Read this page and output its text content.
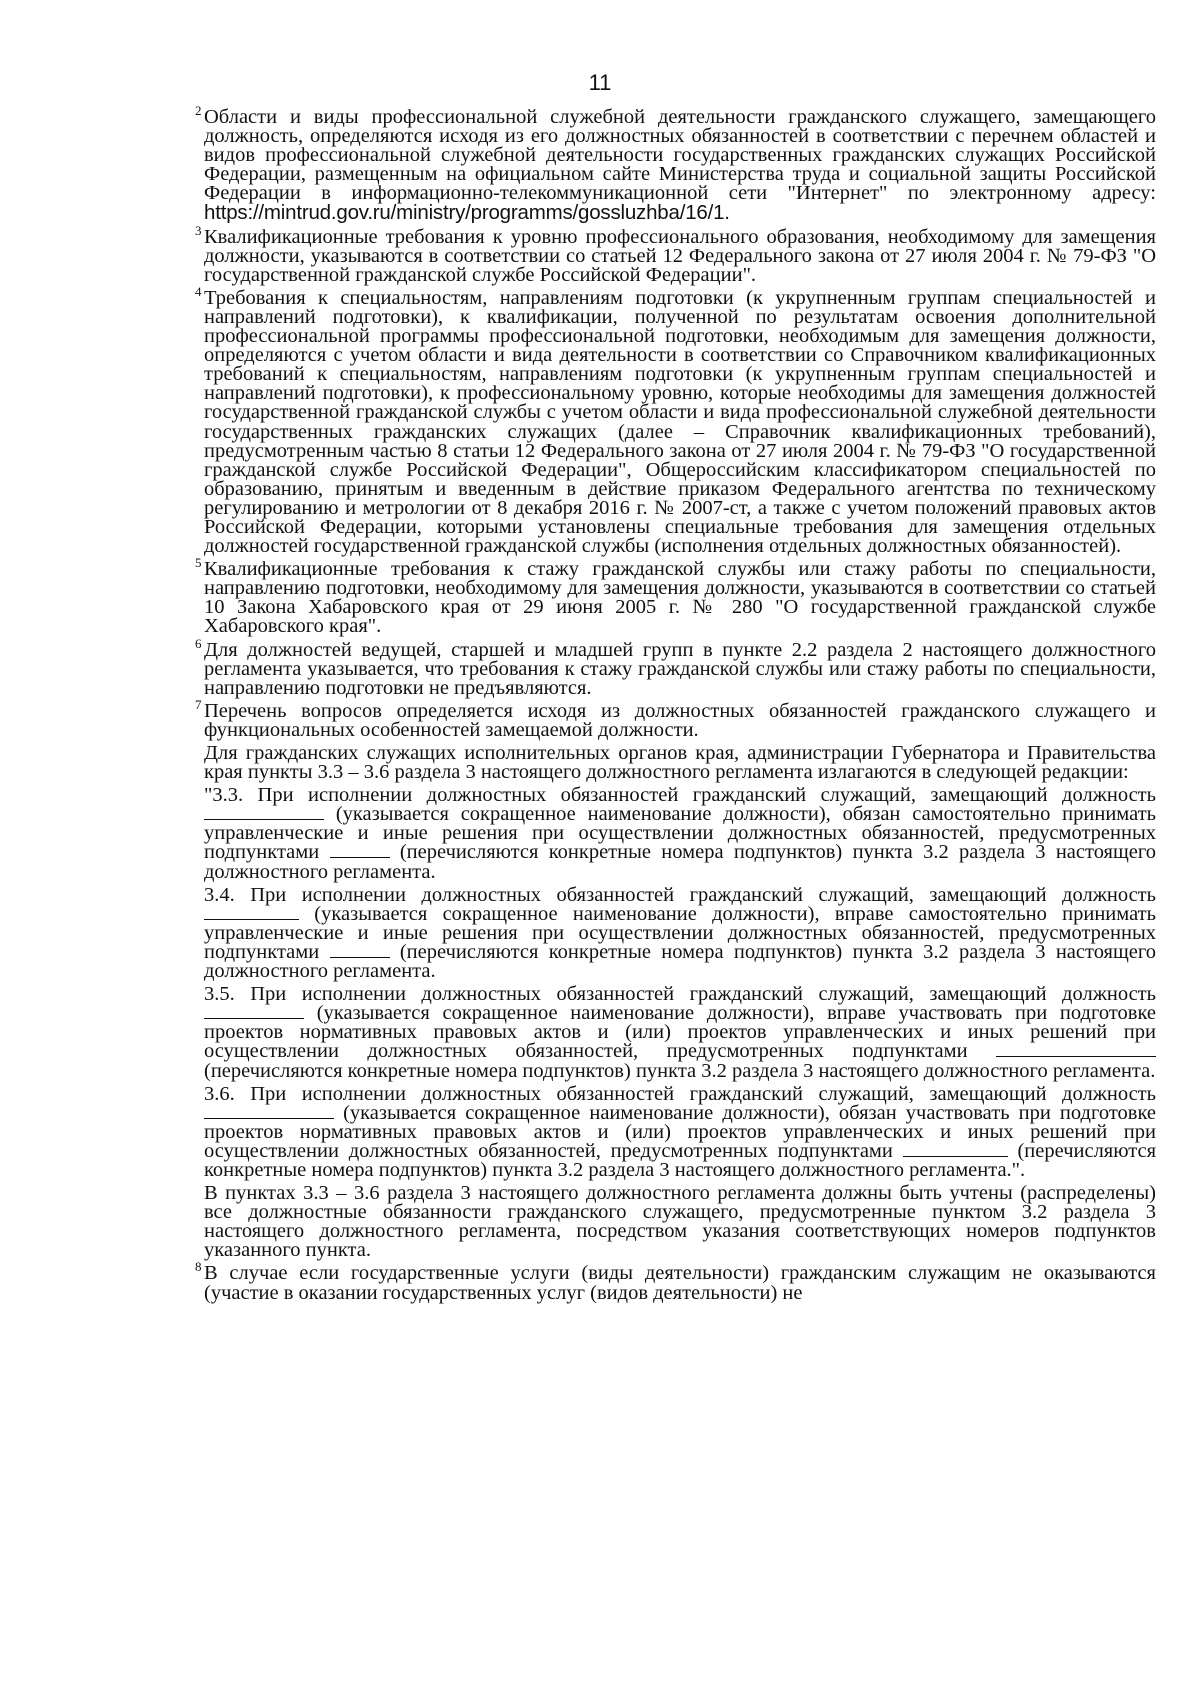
11

2 Области и виды профессиональной служебной деятельности гражданского служащего, замещающего должность, определяются исходя из его должностных обязанностей в соответствии с перечнем областей и видов профессиональной служебной деятельности государственных гражданских служащих Российской Федерации, размещенным на официальном сайте Министерства труда и социальной защиты Российской Федерации в информационно-телекоммуникационной сети "Интернет" по электронному адресу: https://mintrud.gov.ru/ministry/programms/gossluzhba/16/1.

3 Квалификационные требования к уровню профессионального образования, необходимому для замещения должности, указываются в соответствии со статьей 12 Федерального закона от 27 июля 2004 г. № 79-ФЗ "О государственной гражданской службе Российской Федерации".

4 Требования к специальностям, направлениям подготовки (к укрупненным группам специальностей и направлений подготовки), к квалификации, полученной по результатам освоения дополнительной профессиональной программы профессиональной подготовки, необходимым для замещения должности, определяются с учетом области и вида деятельности в соответствии со Справочником квалификационных требований к специальностям, направлениям подготовки (к укрупненным группам специальностей и направлений подготовки), к профессиональному уровню, которые необходимы для замещения должностей государственной гражданской службы с учетом области и вида профессиональной служебной деятельности государственных гражданских служащих (далее – Справочник квалификационных требований), предусмотренным частью 8 статьи 12 Федерального закона от 27 июля 2004 г. № 79-ФЗ "О государственной гражданской службе Российской Федерации", Общероссийским классификатором специальностей по образованию, принятым и введенным в действие приказом Федерального агентства по техническому регулированию и метрологии от 8 декабря 2016 г. № 2007-ст, а также с учетом положений правовых актов Российской Федерации, которыми установлены специальные требования для замещения отдельных должностей государственной гражданской службы (исполнения отдельных должностных обязанностей).

5 Квалификационные требования к стажу гражданской службы или стажу работы по специальности, направлению подготовки, необходимому для замещения должности, указываются в соответствии со статьей 10 Закона Хабаровского края от 29 июня 2005 г. № 280 "О государственной гражданской службе Хабаровского края".

6 Для должностей ведущей, старшей и младшей групп в пункте 2.2 раздела 2 настоящего должностного регламента указывается, что требования к стажу гражданской службы или стажу работы по специальности, направлению подготовки не предъявляются.

7 Перечень вопросов определяется исходя из должностных обязанностей гражданского служащего и функциональных особенностей замещаемой должности.

Для гражданских служащих исполнительных органов края, администрации Губернатора и Правительства края пункты 3.3 – 3.6 раздела 3 настоящего должностного регламента излагаются в следующей редакции:

"3.3. При исполнении должностных обязанностей гражданский служащий, замещающий должность  (указывается сокращенное наименование должности), обязан самостоятельно принимать управленческие и иные решения при осуществлении должностных обязанностей, предусмотренных подпунктами	(перечисляются конкретные номера подпунктов) пункта 3.2 раздела 3 настоящего должностного регламента.

3.4. При исполнении должностных обязанностей гражданский служащий, замещающий должность  (указывается сокращенное наименование должности), вправе самостоятельно принимать управленческие и иные решения при осуществлении должностных обязанностей, предусмотренных подпунктами	(перечисляются конкретные номера подпунктов) пункта 3.2 раздела 3 настоящего должностного регламента.

3.5. При исполнении должностных обязанностей гражданский служащий, замещающий должность  (указывается сокращенное наименование должности), вправе участвовать при подготовке проектов нормативных правовых актов и (или) проектов управленческих и иных решений при осуществлении должностных обязанностей, предусмотренных подпунктами  (перечисляются конкретные номера подпунктов) пункта 3.2 раздела 3 настоящего должностного регламента.

3.6. При исполнении должностных обязанностей гражданский служащий, замещающий должность  (указывается сокращенное наименование должности), обязан участвовать при подготовке проектов нормативных правовых актов и (или) проектов управленческих и иных решений при осуществлении должностных обязанностей, предусмотренных подпунктами	(перечисляются конкретные номера подпунктов) пункта 3.2 раздела 3 настоящего должностного регламента.".

В пунктах 3.3 – 3.6 раздела 3 настоящего должностного регламента должны быть учтены (распределены) все должностные обязанности гражданского служащего, предусмотренные пунктом 3.2 раздела 3 настоящего должностного регламента, посредством указания соответствующих номеров подпунктов указанного пункта.

8 В случае если государственные услуги (виды деятельности) гражданским служащим не оказываются (участие в оказании государственных услуг (видов деятельности) не
